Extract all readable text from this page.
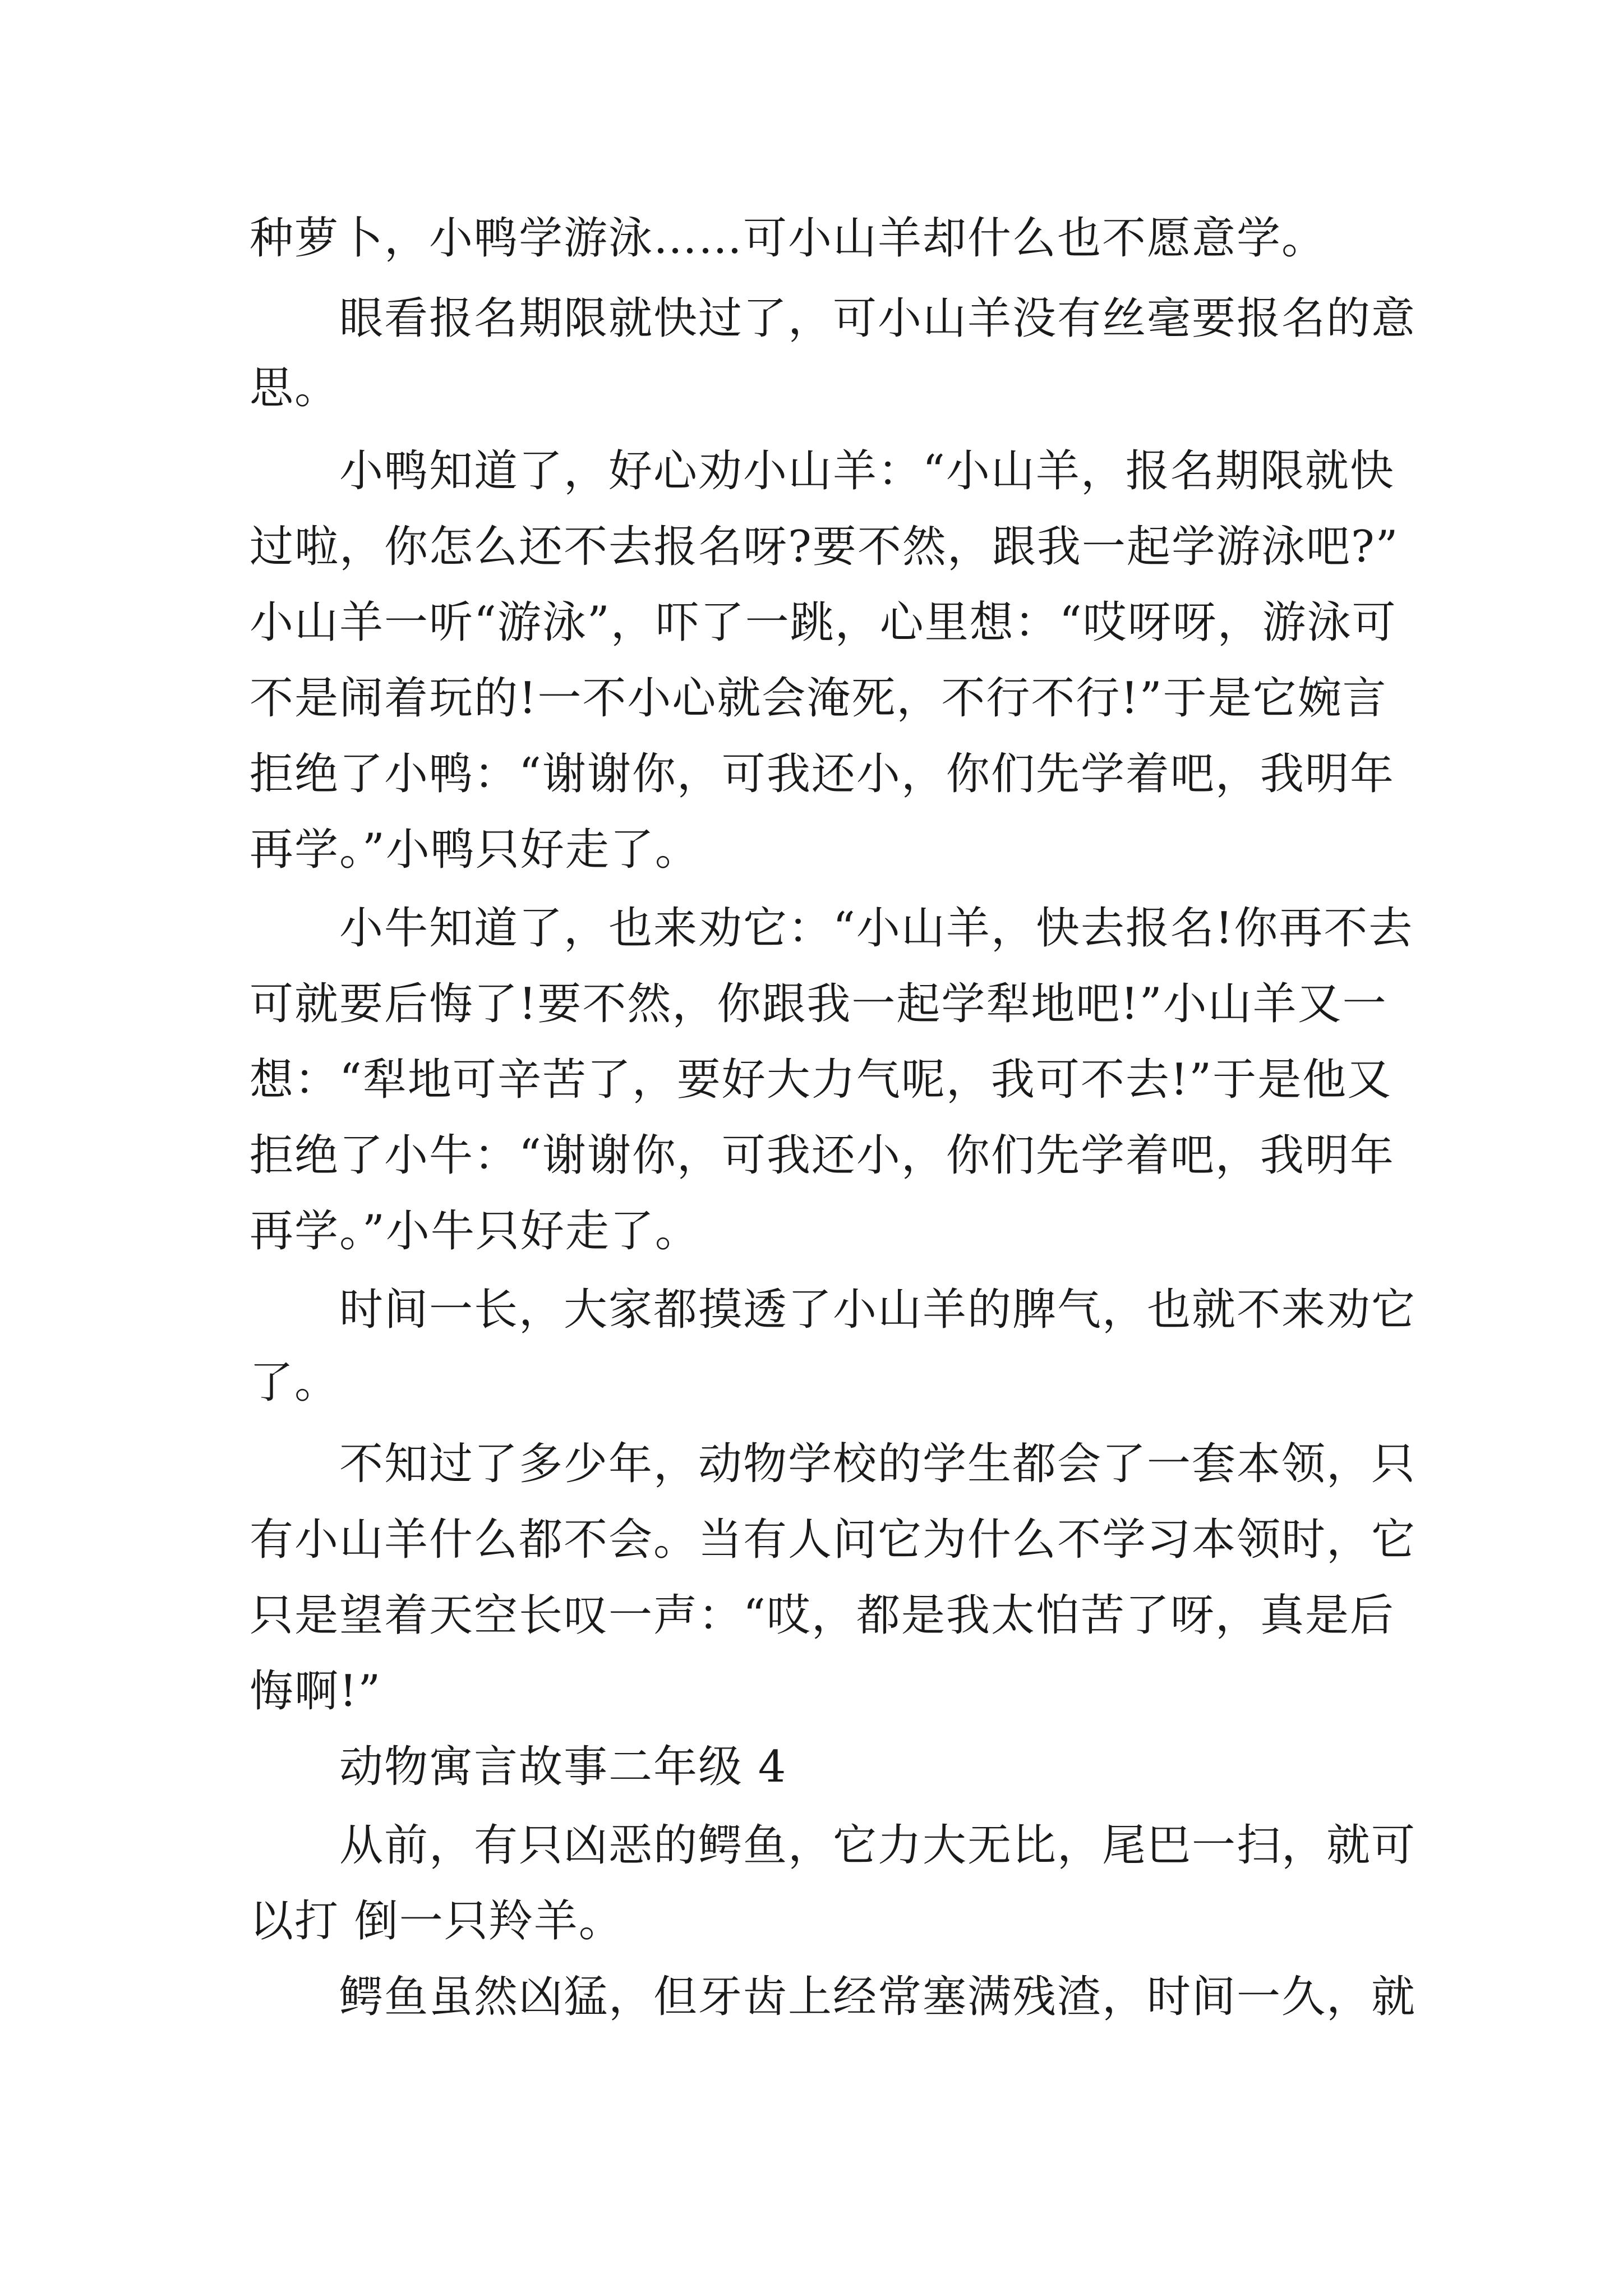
种萝卜，小鸭学游泳……可小山羊却什么也不愿意学。

眼看报名期限就快过了，可小山羊没有丝毫要报名的意

思。

小鸭知道了，好心劝小山羊：“小山羊，报名期限就快

过啦，你怎么还不去报名呀?要不然，跟我一起学游泳吧?”

小山羊一听“游泳”，吓了一跳，心里想：“哎呀呀，游泳可

不是闹着玩的!一不小心就会淹死，不行不行!”于是它婉言

拒绝了小鸭：“谢谢你，可我还小，你们先学着吧，我明年

再学。”小鸭只好走了。

小牛知道了，也来劝它：“小山羊，快去报名!你再不去

可就要后悔了!要不然，你跟我一起学犁地吧!”小山羊又一

想：“犁地可辛苦了，要好大力气呢，我可不去!”于是他又

拒绝了小牛：“谢谢你，可我还小，你们先学着吧，我明年

再学。”小牛只好走了。

时间一长，大家都摸透了小山羊的脾气，也就不来劝它

了。

不知过了多少年，动物学校的学生都会了一套本领，只

有小山羊什么都不会。当有人问它为什么不学习本领时，它

只是望着天空长叹一声：“哎，都是我太怕苦了呀，真是后

悔啊!”

动物寓言故事二年级 4

从前，有只凶恶的鳄鱼，它力大无比，尾巴一扫，就可

以打 倒一只羚羊。

鳄鱼虽然凶猛，但牙齿上经常塞满残渣，时间一久，就
